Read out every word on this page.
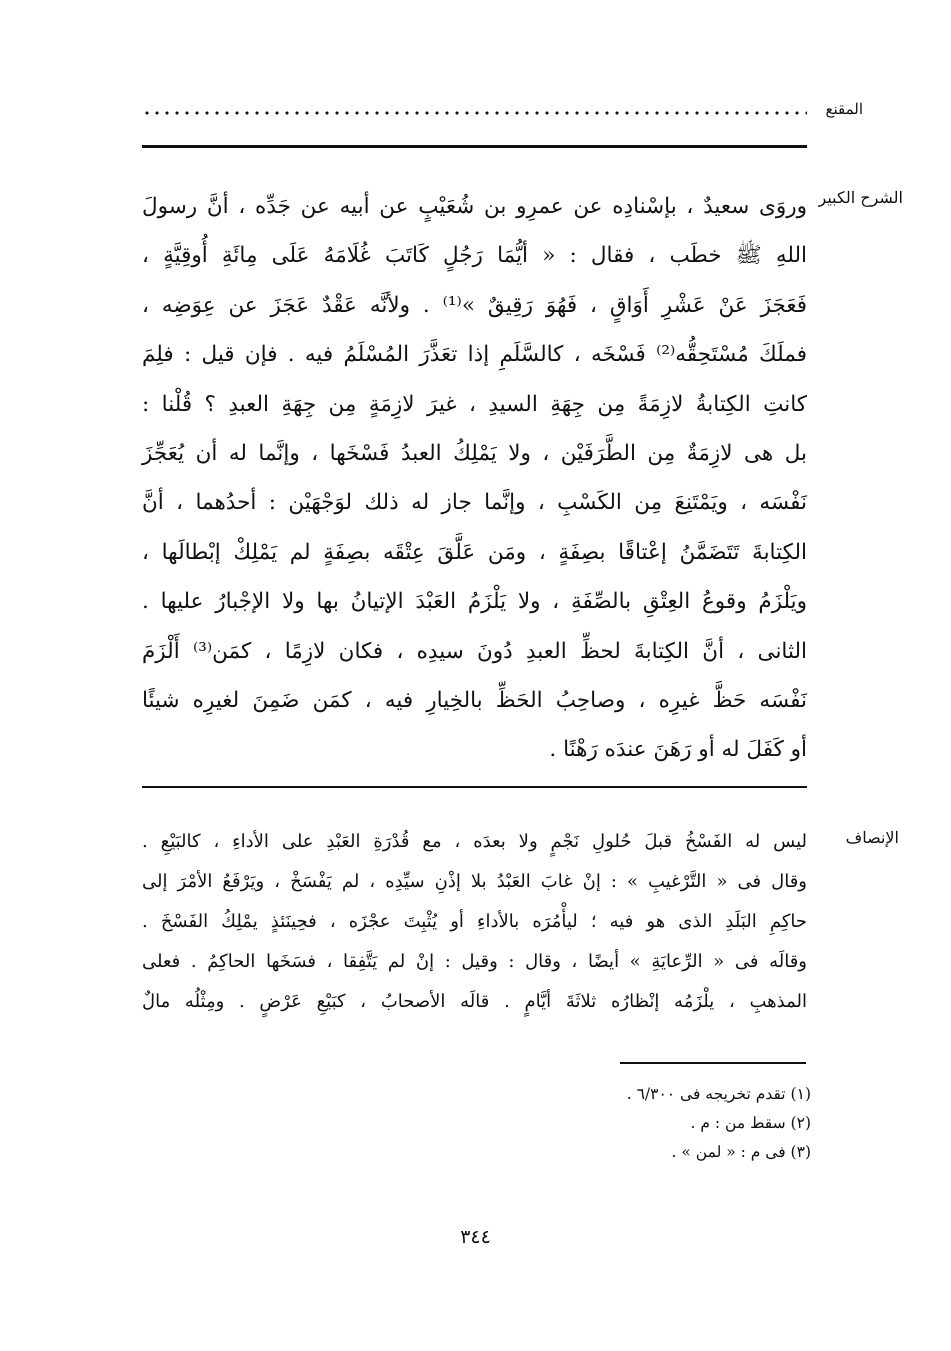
المقنع
الشرح الكبير

وروَى سعيدٌ ، بإسْنادِه عن عمرِو بن شُعَيْبٍ عن أبيه عن جَدِّه ، أنَّ رسولَ

اللهِ ﷺ خطَب ، فقال : « أيُّمَا رَجُلٍ كَاتَبَ غُلَامَهُ عَلَى مِائَةِ أُوقِيَّةٍ ،

فَعَجَزَ عَنْ عَشْرِ أَوَاقٍ ، فَهُوَ رَقِيقٌ »⁽¹⁾ . ولأنَّه عَقْدٌ عَجَزَ عن عِوَضِه ،

فملَكَ مُسْتَحِقُّه⁽²⁾ فَسْخَه ، كالسَّلَمِ إذا تعَذَّرَ المُسْلَمُ فيه . فإن قيل : فلِمَ

كانتِ الكِتابةُ لازِمَةً مِن جِهَةِ السيدِ ، غيرَ لازِمَةٍ مِن جِهَةِ العبدِ ؟ قُلْنا :

بل هى لازِمَةٌ مِن الطَّرَفَيْن ، ولا يَمْلِكُ العبدُ فَسْخَها ، وإنَّما له أن يُعَجِّزَ

نَفْسَه ، ويَمْتَنِعَ مِن الكَسْبِ ، وإنَّما جاز له ذلك لوَجْهَيْن : أحدُهما ، أنَّ

الكِتابةَ تَتَضَمَّنُ إعْتاقًا بصِفَةٍ ، ومَن عَلَّقَ عِتْقَه بصِفَةٍ لم يَمْلِكْ إبْطالَها ،

ويَلْزَمُ وقوعُ العِتْقِ بالصِّفَةِ ، ولا يَلْزَمُ العَبْدَ الإتيانُ بها ولا الإجْبارُ عليها .

الثانى ، أنَّ الكِتابةَ لحظِّ العبدِ دُونَ سيدِه ، فكان لازِمًا ، كمَن⁽³⁾ أَلْزَمَ

نَفْسَه حَظَّ غيرِه ، وصاحِبُ الحَظِّ بالخِيارِ فيه ، كمَن ضَمِنَ لغيرِه شيئًا

أو كَفَلَ له أو رَهَنَ عندَه رَهْنًا .

الإنصاف

ليس له الفَسْخُ قبلَ حُلولِ نَجْمٍ ولا بعدَه ، مع قُدْرَةِ العَبْدِ على الأداءِ ، كالبَيْعِ .

وقال فى « التَّرْغيبِ » : إنْ غابَ العَبْدُ بلا إذْنِ سيِّدِه ، لم يَفْسَخْ ، ويَرْفَعُ الأمْرَ إلى

حاكِمِ البَلَدِ الذى هو فيه ؛ ليأْمُرَه بالأداءِ أو يُثْبِتَ عجْزَه ، فحِينَئذٍ يمْلِكُ الفَسْخَ .

وقالَه فى « الرِّعايَةِ » أيضًا ، وقال : وقيل : إنْ لم يَتَّفِقا ، فسَخَها الحاكِمُ . فعلى

المذهبِ ، يلْزَمُه إنْظارُه ثلاثَةَ أيَّامٍ . قالَه الأصحابُ ، كبَيْعِ عَرْضٍ . ومِثْلُه مالٌ

(١) تقدم تخريجه فى ٦/٣٠٠ .
(٢) سقط من : م .
(٣) فى م : « لمن » .
٣٤٤
